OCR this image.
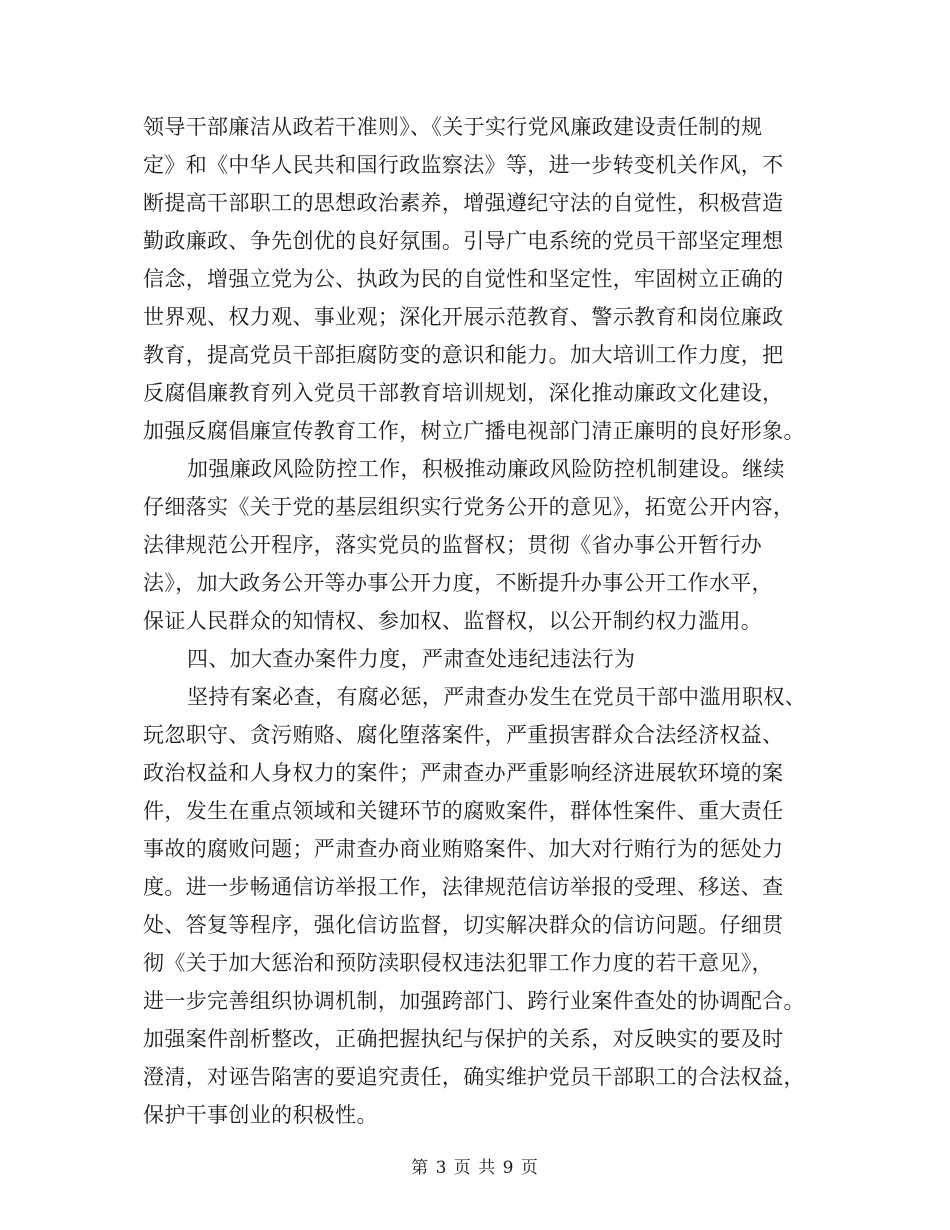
领导干部廉洁从政若干准则》、《关于实行党风廉政建设责任制的规
定》和《中华人民共和国行政监察法》等，进一步转变机关作风，不
断提高干部职工的思想政治素养，增强遵纪守法的自觉性，积极营造
勤政廉政、争先创优的良好氛围。引导广电系统的党员干部坚定理想
信念，增强立党为公、执政为民的自觉性和坚定性，牢固树立正确的
世界观、权力观、事业观；深化开展示范教育、警示教育和岗位廉政
教育，提高党员干部拒腐防变的意识和能力。加大培训工作力度，把
反腐倡廉教育列入党员干部教育培训规划，深化推动廉政文化建设，
加强反腐倡廉宣传教育工作，树立广播电视部门清正廉明的良好形象。
加强廉政风险防控工作，积极推动廉政风险防控机制建设。继续
仔细落实《关于党的基层组织实行党务公开的意见》，拓宽公开内容，
法律规范公开程序，落实党员的监督权；贯彻《省办事公开暂行办
法》，加大政务公开等办事公开力度，不断提升办事公开工作水平，
保证人民群众的知情权、参加权、监督权，以公开制约权力滥用。
四、加大查办案件力度，严肃查处违纪违法行为
坚持有案必查，有腐必惩，严肃查办发生在党员干部中滥用职权、
玩忽职守、贪污贿赂、腐化堕落案件，严重损害群众合法经济权益、
政治权益和人身权力的案件；严肃查办严重影响经济进展软环境的案
件，发生在重点领域和关键环节的腐败案件，群体性案件、重大责任
事故的腐败问题；严肃查办商业贿赂案件、加大对行贿行为的惩处力
度。进一步畅通信访举报工作，法律规范信访举报的受理、移送、查
处、答复等程序，强化信访监督，切实解决群众的信访问题。仔细贯
彻《关于加大惩治和预防渎职侵权违法犯罪工作力度的若干意见》，
进一步完善组织协调机制，加强跨部门、跨行业案件查处的协调配合。
加强案件剖析整改，正确把握执纪与保护的关系，对反映实的要及时
澄清，对诬告陷害的要追究责任，确实维护党员干部职工的合法权益，
保护干事创业的积极性。
第 3 页 共 9 页
